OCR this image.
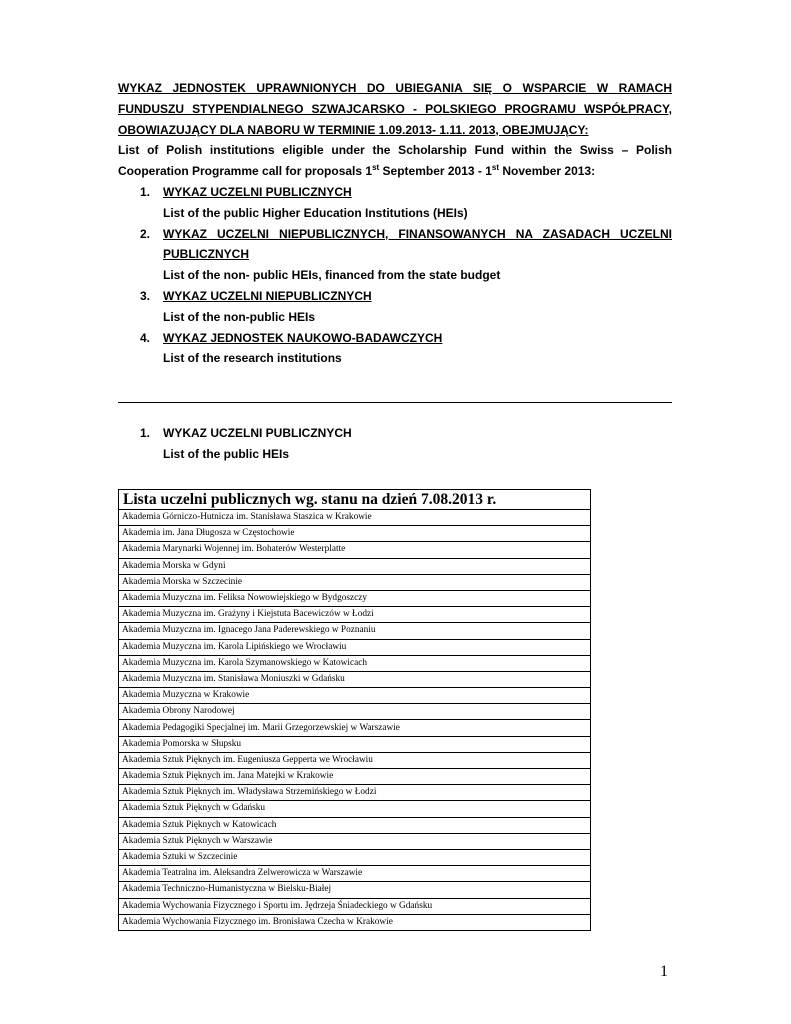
WYKAZ JEDNOSTEK UPRAWNIONYCH DO UBIEGANIA SIĘ O WSPARCIE W RAMACH
FUNDUSZU STYPENDIALNEGO SZWAJCARSKO - POLSKIEGO PROGRAMU WSPÓŁPRACY,
OBOWIAZUJĄCY DLA NABORU W TERMINIE 1.09.2013- 1.11. 2013, OBEJMUJĄCY:
List of Polish institutions eligible under the Scholarship Fund within the Swiss – Polish
Cooperation Programme call for proposals 1st September 2013 - 1st November 2013:
1. WYKAZ UCZELNI PUBLICZNYCH
List of the public Higher Education Institutions (HEIs)
2. WYKAZ UCZELNI NIEPUBLICZNYCH, FINANSOWANYCH NA ZASADACH UCZELNI PUBLICZNYCH
List of the non- public HEIs, financed from the state budget
3. WYKAZ UCZELNI NIEPUBLICZNYCH
List of the non-public HEIs
4. WYKAZ JEDNOSTEK NAUKOWO-BADAWCZYCH
List of the research institutions
1. WYKAZ UCZELNI PUBLICZNYCH
List of the public HEIs
Lista uczelni publicznych wg. stanu na dzień 7.08.2013 r.
Akademia Górniczo-Hutnicza im. Stanisława Staszica w Krakowie
Akademia im. Jana Długosza w Częstochowie
Akademia Marynarki Wojennej im. Bohaterów Westerplatte
Akademia Morska w Gdyni
Akademia Morska w Szczecinie
Akademia Muzyczna im. Feliksa Nowowiejskiego w Bydgoszczy
Akademia Muzyczna im. Grażyny i Kiejstuta Bacewiczów w Łodzi
Akademia Muzyczna im. Ignacego Jana Paderewskiego w Poznaniu
Akademia Muzyczna im. Karola Lipińskiego we Wrocławiu
Akademia Muzyczna im. Karola Szymanowskiego w Katowicach
Akademia Muzyczna im. Stanisława Moniuszki w Gdańsku
Akademia Muzyczna w Krakowie
Akademia Obrony Narodowej
Akademia Pedagogiki Specjalnej im. Marii Grzegorzewskiej w Warszawie
Akademia Pomorska w Słupsku
Akademia Sztuk Pięknych im. Eugeniusza Gepperta we Wrocławiu
Akademia Sztuk Pięknych im. Jana Matejki w Krakowie
Akademia Sztuk Pięknych im. Władysława Strzemińskiego w Łodzi
Akademia Sztuk Pięknych w Gdańsku
Akademia Sztuk Pięknych w Katowicach
Akademia Sztuk Pięknych w Warszawie
Akademia Sztuki w Szczecinie
Akademia Teatralna im. Aleksandra Zelwerowicza w Warszawie
Akademia Techniczno-Humanistyczna w Bielsku-Białej
Akademia Wychowania Fizycznego i Sportu im. Jędrzeja Śniadeckiego w Gdańsku
Akademia Wychowania Fizycznego im. Bronisława Czecha w Krakowie
1
